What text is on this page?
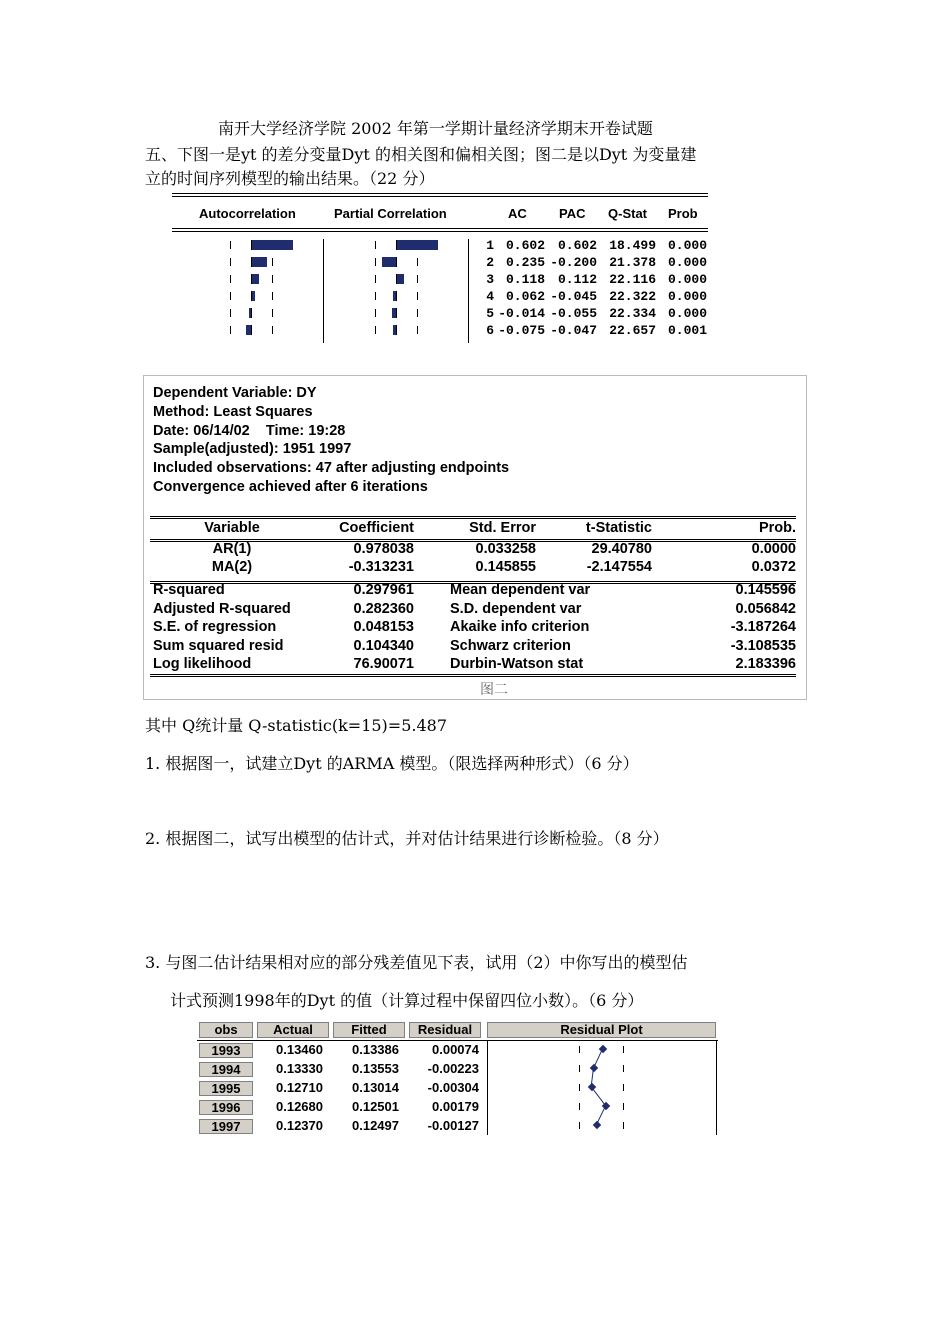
南开大学经济学院 2002 年第一学期计量经济学期末开卷试题
五、下图一是yt 的差分变量Dyt 的相关图和偏相关图；图二是以Dyt 为变量建
立的时间序列模型的输出结果。（22 分）
Autocorrelation	Partial Correlation	AC PAC Q-Stat Prob
1 0.602 0.602 18.499 0.000
2 0.235 -0.200 21.378 0.000
3 0.118 0.112 22.116 0.000
4 0.062 -0.045 22.322 0.000
5 -0.014 -0.055 22.334 0.000
6 -0.075 -0.047 22.657 0.001
Dependent Variable: DY
Method: Least Squares
Date: 06/14/02    Time: 19:28
Sample(adjusted): 1951 1997
Included observations: 47 after adjusting endpoints
Convergence achieved after 6 iterations
Variable	Coefficient	Std. Error	t-Statistic	Prob.
AR(1)	0.978038	0.033258	29.40780	0.0000
MA(2)	-0.313231	0.145855	-2.147554	0.0372
R-squared	0.297961 Mean dependent var	0.145596
Adjusted R-squared	0.282360 S.D. dependent var	0.056842
S.E. of regression	0.048153 Akaike info criterion	-3.187264
Sum squared resid	0.104340 Schwarz criterion	-3.108535
Log likelihood	76.90071 Durbin-Watson stat	2.183396
图二
其中 Q统计量 Q-statistic(k=15)=5.487
1. 根据图一，试建立Dyt 的ARMA 模型。（限选择两种形式）（6 分）
2. 根据图二，试写出模型的估计式，并对估计结果进行诊断检验。（8 分）
3. 与图二估计结果相对应的部分残差值见下表，试用（2）中你写出的模型估
计式预测1998年的Dyt 的值（计算过程中保留四位小数）。（6 分）
obs	Actual	Fitted	Residual	Residual Plot
1993	0.13460	0.13386	0.00074
1994	0.13330	0.13553	-0.00223
1995	0.12710	0.13014	-0.00304
1996	0.12680	0.12501	0.00179
1997	0.12370	0.12497	-0.00127
